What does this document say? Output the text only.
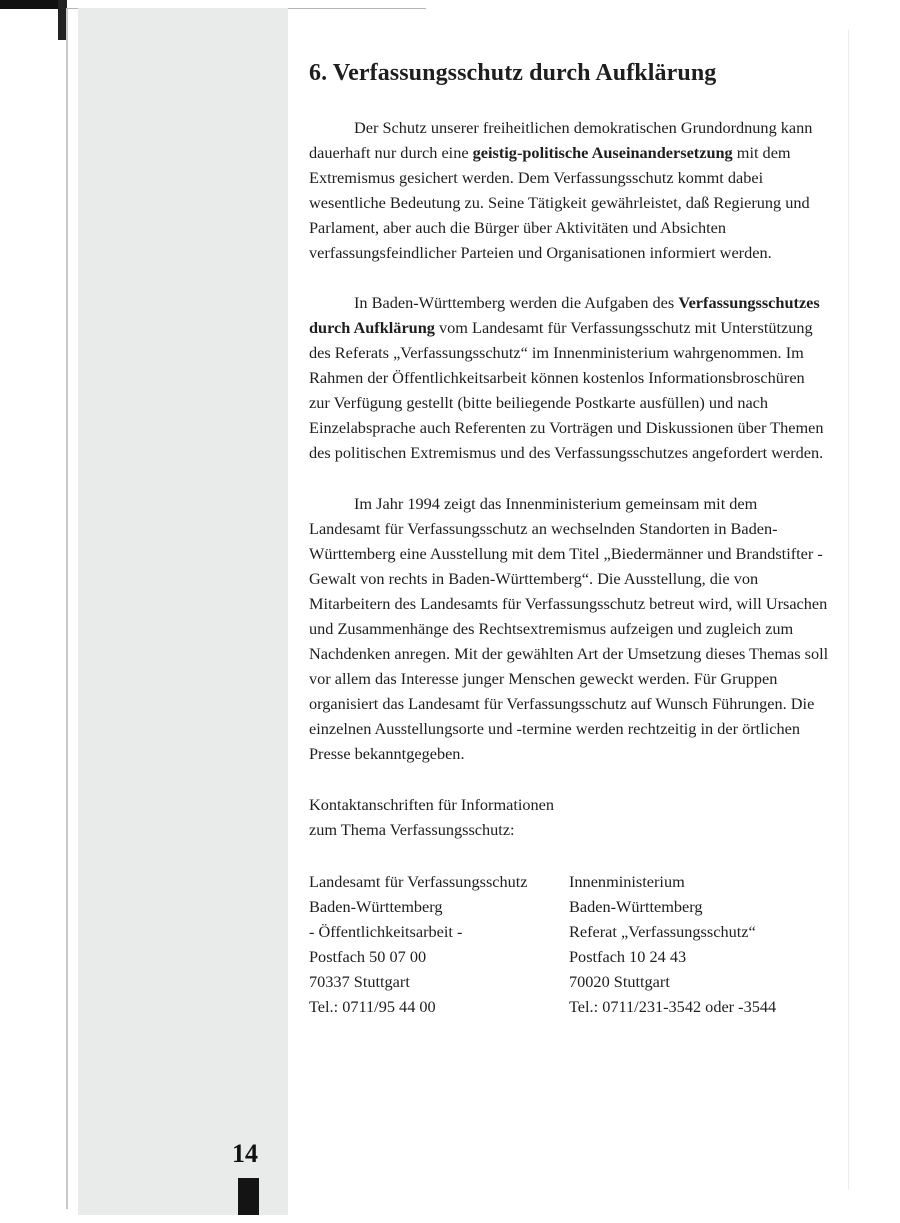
14
6. Verfassungsschutz durch Aufklärung

Der Schutz unserer freiheitlichen demokratischen Grundordnung kann dauerhaft nur durch eine geistig-politische Auseinandersetzung mit dem Extremismus gesichert werden. Dem Verfassungsschutz kommt dabei wesentliche Bedeutung zu. Seine Tätigkeit gewährleistet, daß Regierung und Parlament, aber auch die Bürger über Aktivitäten und Absichten verfassungsfeindlicher Parteien und Organisationen informiert werden.

In Baden-Württemberg werden die Aufgaben des Verfassungsschutzes durch Aufklärung vom Landesamt für Verfassungsschutz mit Unterstützung des Referats „Verfassungsschutz“ im Innenministerium wahrgenommen. Im Rahmen der Öffentlichkeitsarbeit können kostenlos Informationsbroschüren zur Verfügung gestellt (bitte beiliegende Postkarte ausfüllen) und nach Einzelabsprache auch Referenten zu Vorträgen und Diskussionen über Themen des politischen Extremismus und des Verfassungsschutzes angefordert werden.

Im Jahr 1994 zeigt das Innenministerium gemeinsam mit dem Landesamt für Verfassungsschutz an wechselnden Standorten in Baden-Württemberg eine Ausstellung mit dem Titel „Biedermänner und Brandstifter - Gewalt von rechts in Baden-Württemberg“. Die Ausstellung, die von Mitarbeitern des Landesamts für Verfassungsschutz betreut wird, will Ursachen und Zusammenhänge des Rechtsextremismus aufzeigen und zugleich zum Nachdenken anregen. Mit der gewählten Art der Umsetzung dieses Themas soll vor allem das Interesse junger Menschen geweckt werden. Für Gruppen organisiert das Landesamt für Verfassungsschutz auf Wunsch Führungen. Die einzelnen Ausstellungsorte und -termine werden rechtzeitig in der örtlichen Presse bekanntgegeben.

Kontaktanschriften für Informationen
zum Thema Verfassungsschutz:
Landesamt für Verfassungsschutz
Baden-Württemberg
- Öffentlichkeitsarbeit -
Postfach 50 07 00
70337 Stuttgart
Tel.: 0711/95 44 00
Innenministerium
Baden-Württemberg
Referat „Verfassungsschutz“
Postfach 10 24 43
70020 Stuttgart
Tel.: 0711/231-3542 oder -3544
